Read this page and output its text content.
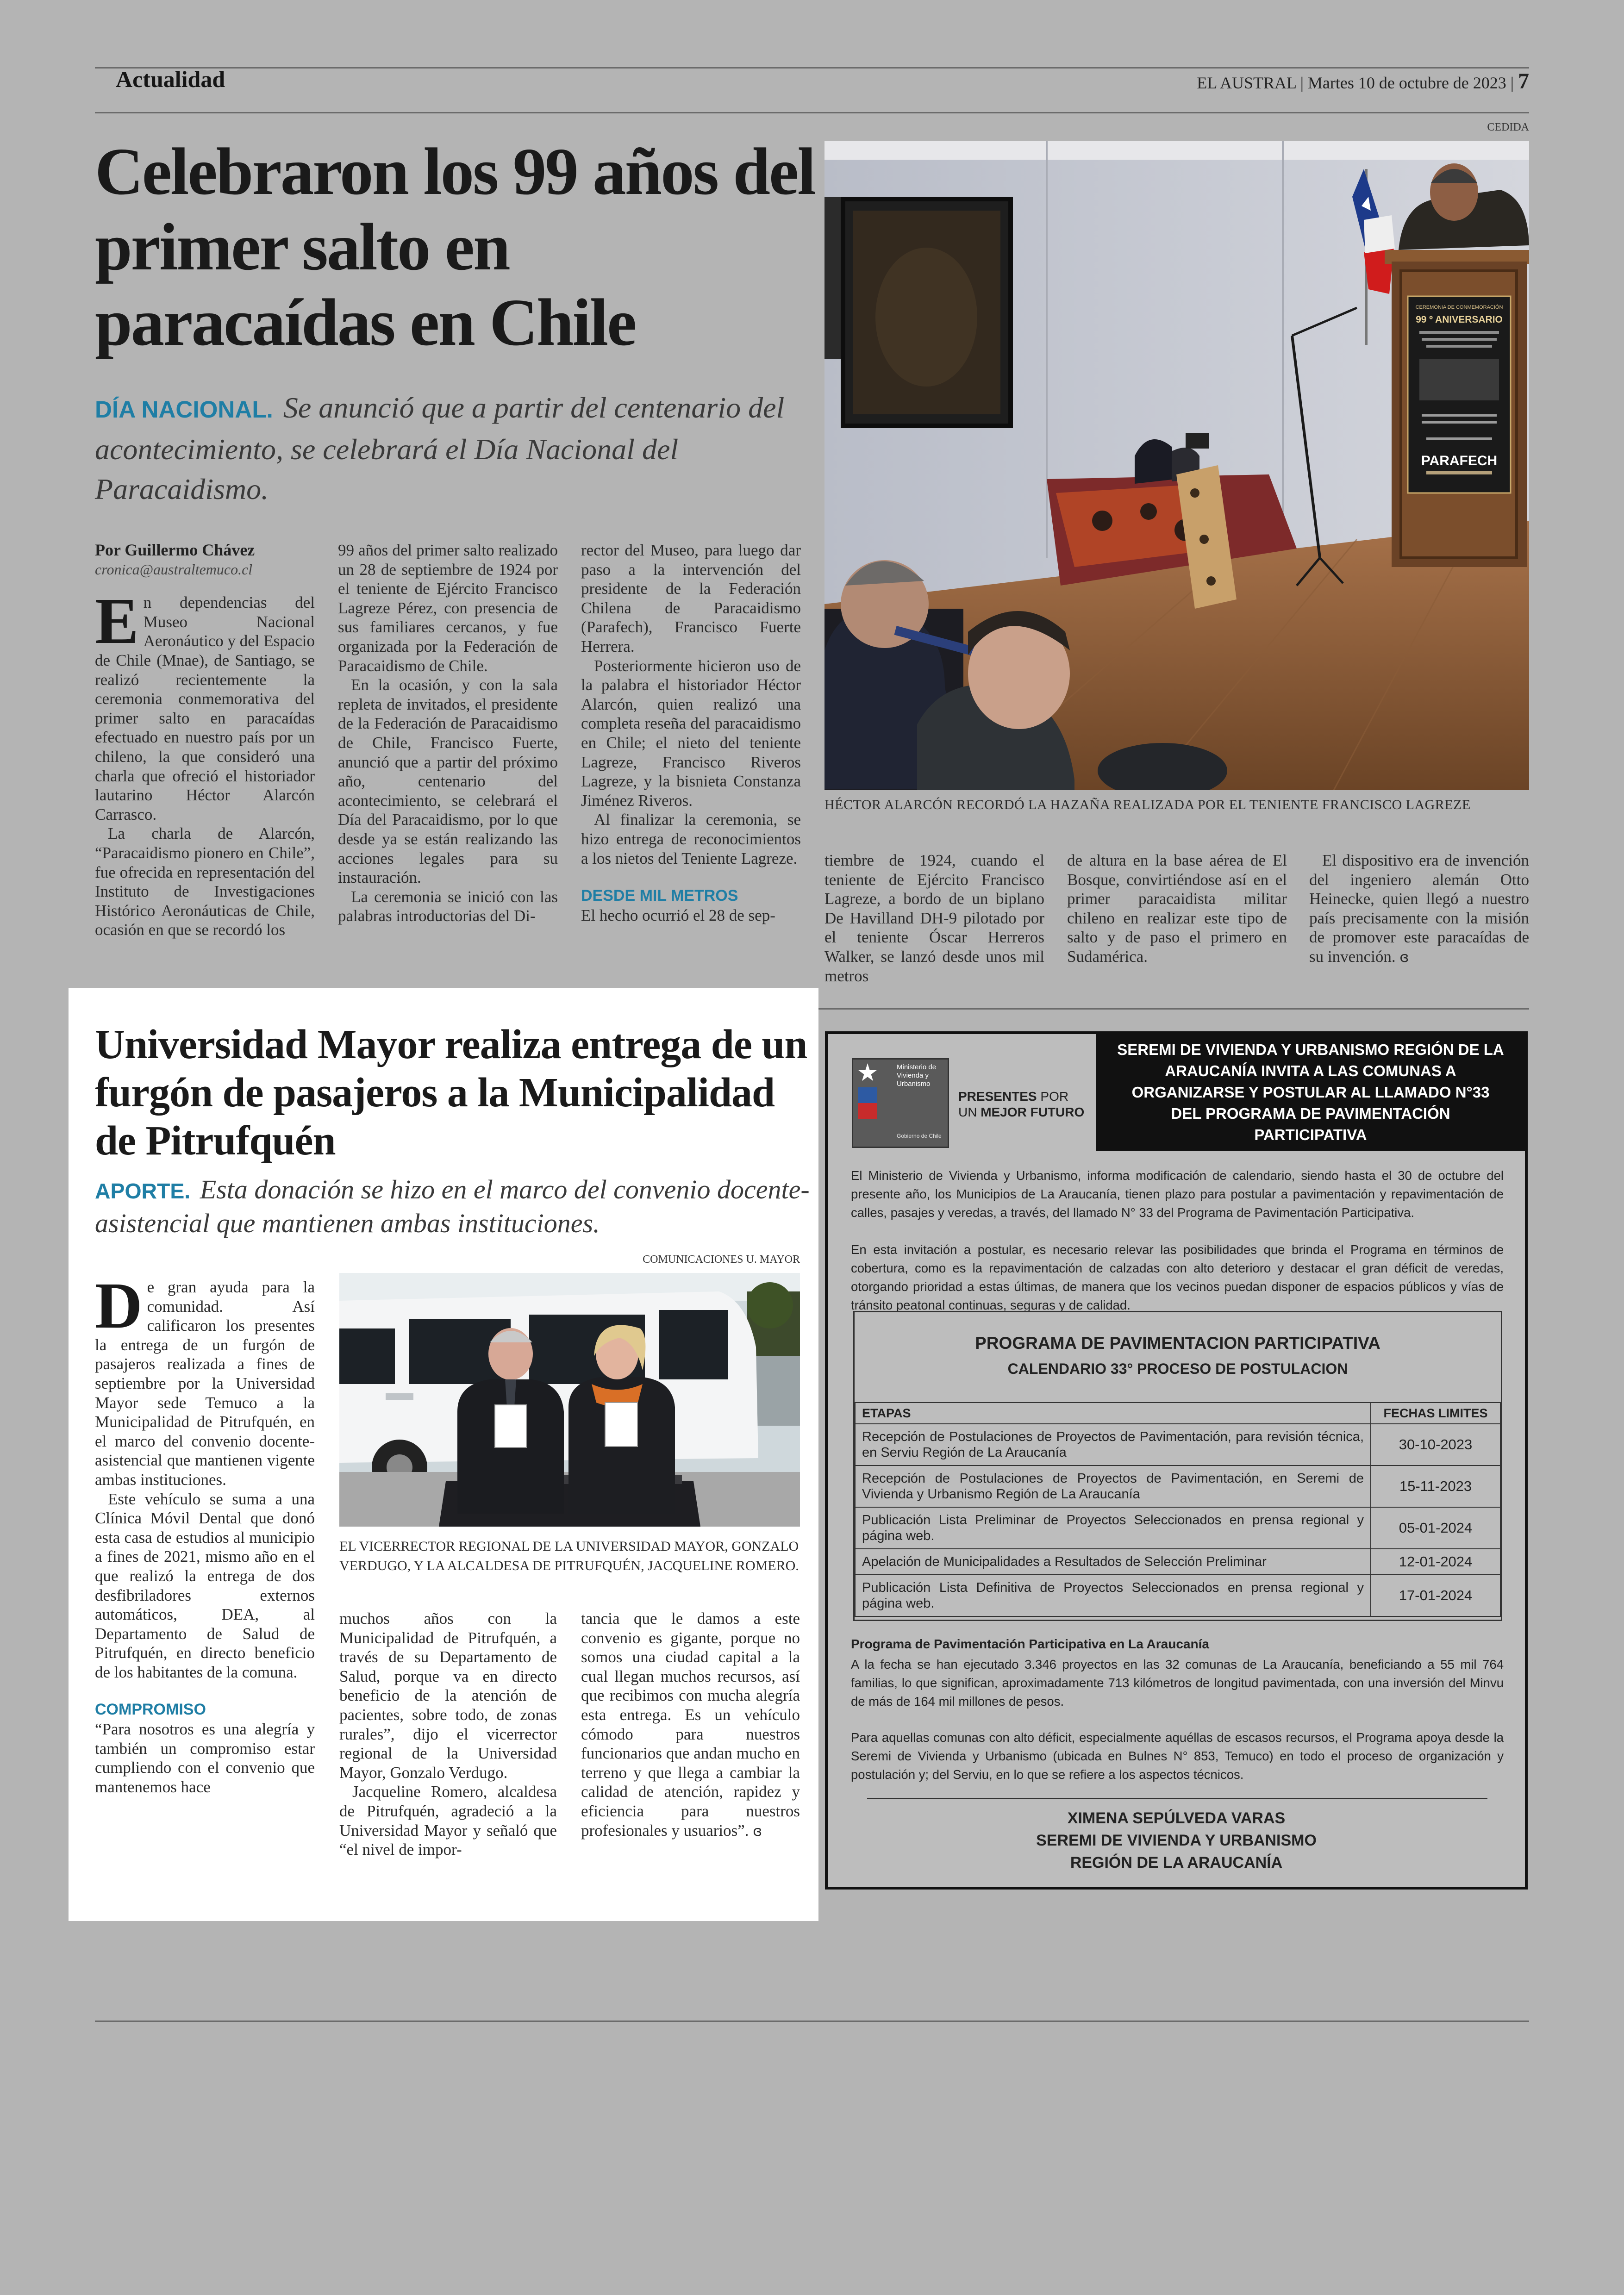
Actualidad	EL AUSTRAL | Martes 10 de octubre de 2023 | 7
Celebraron los 99 años del primer salto en paracaídas en Chile
DÍA NACIONAL. Se anunció que a partir del centenario del acontecimiento, se celebrará el Día Nacional del Paracaidismo.

Por Guillermo Chávez

cronica@australtemuco.cl

En dependencias del Museo Nacional Aeronáutico y del Espacio de Chile (Mnae), de Santiago, se realizó recientemente la ceremonia conmemorativa del primer salto en paracaídas efectuado en nuestro país por un chileno, la que consideró una charla que ofreció el historiador lautarino Héctor Alarcón Carrasco.

La charla de Alarcón, “Paracaidismo pionero en Chile”, fue ofrecida en representación del Instituto de Investigaciones Histórico Aeronáuticas de Chile, ocasión en que se recordó los

99 años del primer salto realizado un 28 de septiembre de 1924 por el teniente de Ejército Francisco Lagreze Pérez, con presencia de sus familiares cercanos, y fue organizada por la Federación de Paracaidismo de Chile.

En la ocasión, y con la sala repleta de invitados, el presidente de la Federación de Paracaidismo de Chile, Francisco Fuerte, anunció que a partir del próximo año, centenario del acontecimiento, se celebrará el Día del Paracaidismo, por lo que desde ya se están realizando las acciones legales para su instauración.

La ceremonia se inició con las palabras introductorias del Di-

rector del Museo, para luego dar paso a la intervención del presidente de la Federación Chilena de Paracaidismo (Parafech), Francisco Fuerte Herrera.

Posteriormente hicieron uso de la palabra el historiador Héctor Alarcón, quien realizó una completa reseña del paracaidismo en Chile; el nieto del teniente Lagreze, Francisco Riveros Lagreze, y la bisnieta Constanza Jiménez Riveros.

Al finalizar la ceremonia, se hizo entrega de reconocimientos a los nietos del Teniente Lagreze.

DESDE MIL METROS

El hecho ocurrió el 28 de sep-

tiembre de 1924, cuando el teniente de Ejército Francisco Lagreze, a bordo de un biplano De Havilland DH-9 pilotado por el teniente Óscar Herreros Walker, se lanzó desde unos mil metros

de altura en la base aérea de El Bosque, convirtiéndose así en el primer paracaidista militar chileno en realizar este tipo de salto y de paso el primero en Sudamérica.

El dispositivo era de invención del ingeniero alemán Otto Heinecke, quien llegó a nuestro país precisamente con la misión de promover este paracaídas de su invención. ɞ

CEDIDA
CEREMONIA DE CONMEMORACIÓN
99 º ANIVERSARIO
PARAFECH
HÉCTOR ALARCÓN RECORDÓ LA HAZAÑA REALIZADA POR EL TENIENTE FRANCISCO LAGREZE
Universidad Mayor realiza entrega de un furgón de pasajeros a la Municipalidad de Pitrufquén
APORTE. Esta donación se hizo en el marco del convenio docente-asistencial que mantienen ambas instituciones.
COMUNICACIONES U. MAYOR
EL VICERRECTOR REGIONAL DE LA UNIVERSIDAD MAYOR, GONZALO VERDUGO, Y LA ALCALDESA DE PITRUFQUÉN, JACQUELINE ROMERO.

De gran ayuda para la comunidad. Así calificaron los presentes la entrega de un furgón de pasajeros realizada a fines de septiembre por la Universidad Mayor sede Temuco a la Municipalidad de Pitrufquén, en el marco del convenio docente-asistencial que mantienen vigente ambas instituciones.

Este vehículo se suma a una Clínica Móvil Dental que donó esta casa de estudios al municipio a fines de 2021, mismo año en el que realizó la entrega de dos desfibriladores externos automáticos, DEA, al Departamento de Salud de Pitrufquén, en directo beneficio de los habitantes de la comuna.

COMPROMISO

“Para nosotros es una alegría y también un compromiso estar cumpliendo con el convenio que mantenemos hace

muchos años con la Municipalidad de Pitrufquén, a través de su Departamento de Salud, porque va en directo beneficio de la atención de pacientes, sobre todo, de zonas rurales”, dijo el vicerrector regional de la Universidad Mayor, Gonzalo Verdugo.

Jacqueline Romero, alcaldesa de Pitrufquén, agradeció a la Universidad Mayor y señaló que “el nivel de impor-

tancia que le damos a este convenio es gigante, porque no somos una ciudad capital a la cual llegan muchos recursos, así que recibimos con mucha alegría esta entrega. Es un vehículo cómodo para nuestros funcionarios que andan mucho en terreno y que llega a cambiar la calidad de atención, rapidez y eficiencia para nuestros profesionales y usuarios”. ɞ

Ministerio de Vivienda y Urbanismo
Gobierno de Chile
PRESENTES POR
UN MEJOR FUTURO
SEREMI DE VIVIENDA Y URBANISMO REGIÓN DE LA ARAUCANÍA INVITA A LAS COMUNAS A ORGANIZARSE Y POSTULAR AL LLAMADO N°33 DEL PROGRAMA DE PAVIMENTACIÓN PARTICIPATIVA
El Ministerio de Vivienda y Urbanismo, informa modificación de calendario, siendo hasta el 30 de octubre del presente año, los Municipios de La Araucanía, tienen plazo para postular a pavimentación y repavimentación de calles, pasajes y veredas, a través, del llamado N° 33 del Programa de Pavimentación Participativa.
En esta invitación a postular, es necesario relevar las posibilidades que brinda el Programa en términos de cobertura, como es la repavimentación de calzadas con alto deterioro y destacar el gran déficit de veredas, otorgando prioridad a estas últimas, de manera que los vecinos puedan disponer de espacios públicos y vías de tránsito peatonal continuas, seguras y de calidad.
PROGRAMA DE PAVIMENTACION PARTICIPATIVA
CALENDARIO 33° PROCESO DE POSTULACION
ETAPAS	FECHAS LIMITES
Recepción de Postulaciones de Proyectos de Pavimentación, para revisión técnica, en Serviu Región de La Araucanía	30-10-2023
Recepción de Postulaciones de Proyectos de Pavimentación, en Seremi de Vivienda y Urbanismo Región de La Araucanía	15-11-2023
Publicación Lista Preliminar de Proyectos Seleccionados en prensa regional y página web.	05-01-2024
Apelación de Municipalidades a Resultados de Selección Preliminar	12-01-2024
Publicación Lista Definitiva de Proyectos Seleccionados en prensa regional y página web.	17-01-2024
Programa de Pavimentación Participativa en La Araucanía
A la fecha se han ejecutado 3.346 proyectos en las 32 comunas de La Araucanía, beneficiando a 55 mil 764 familias, lo que significan, aproximadamente 713 kilómetros de longitud pavimentada, con una inversión del Minvu de más de 164 mil millones de pesos.
Para aquellas comunas con alto déficit, especialmente aquéllas de escasos recursos, el Programa apoya desde la Seremi de Vivienda y Urbanismo (ubicada en Bulnes N° 853, Temuco) en todo el proceso de organización y postulación y; del Serviu, en lo que se refiere a los aspectos técnicos.
XIMENA SEPÚLVEDA VARAS
SEREMI DE VIVIENDA Y URBANISMO
REGIÓN DE LA ARAUCANÍA
